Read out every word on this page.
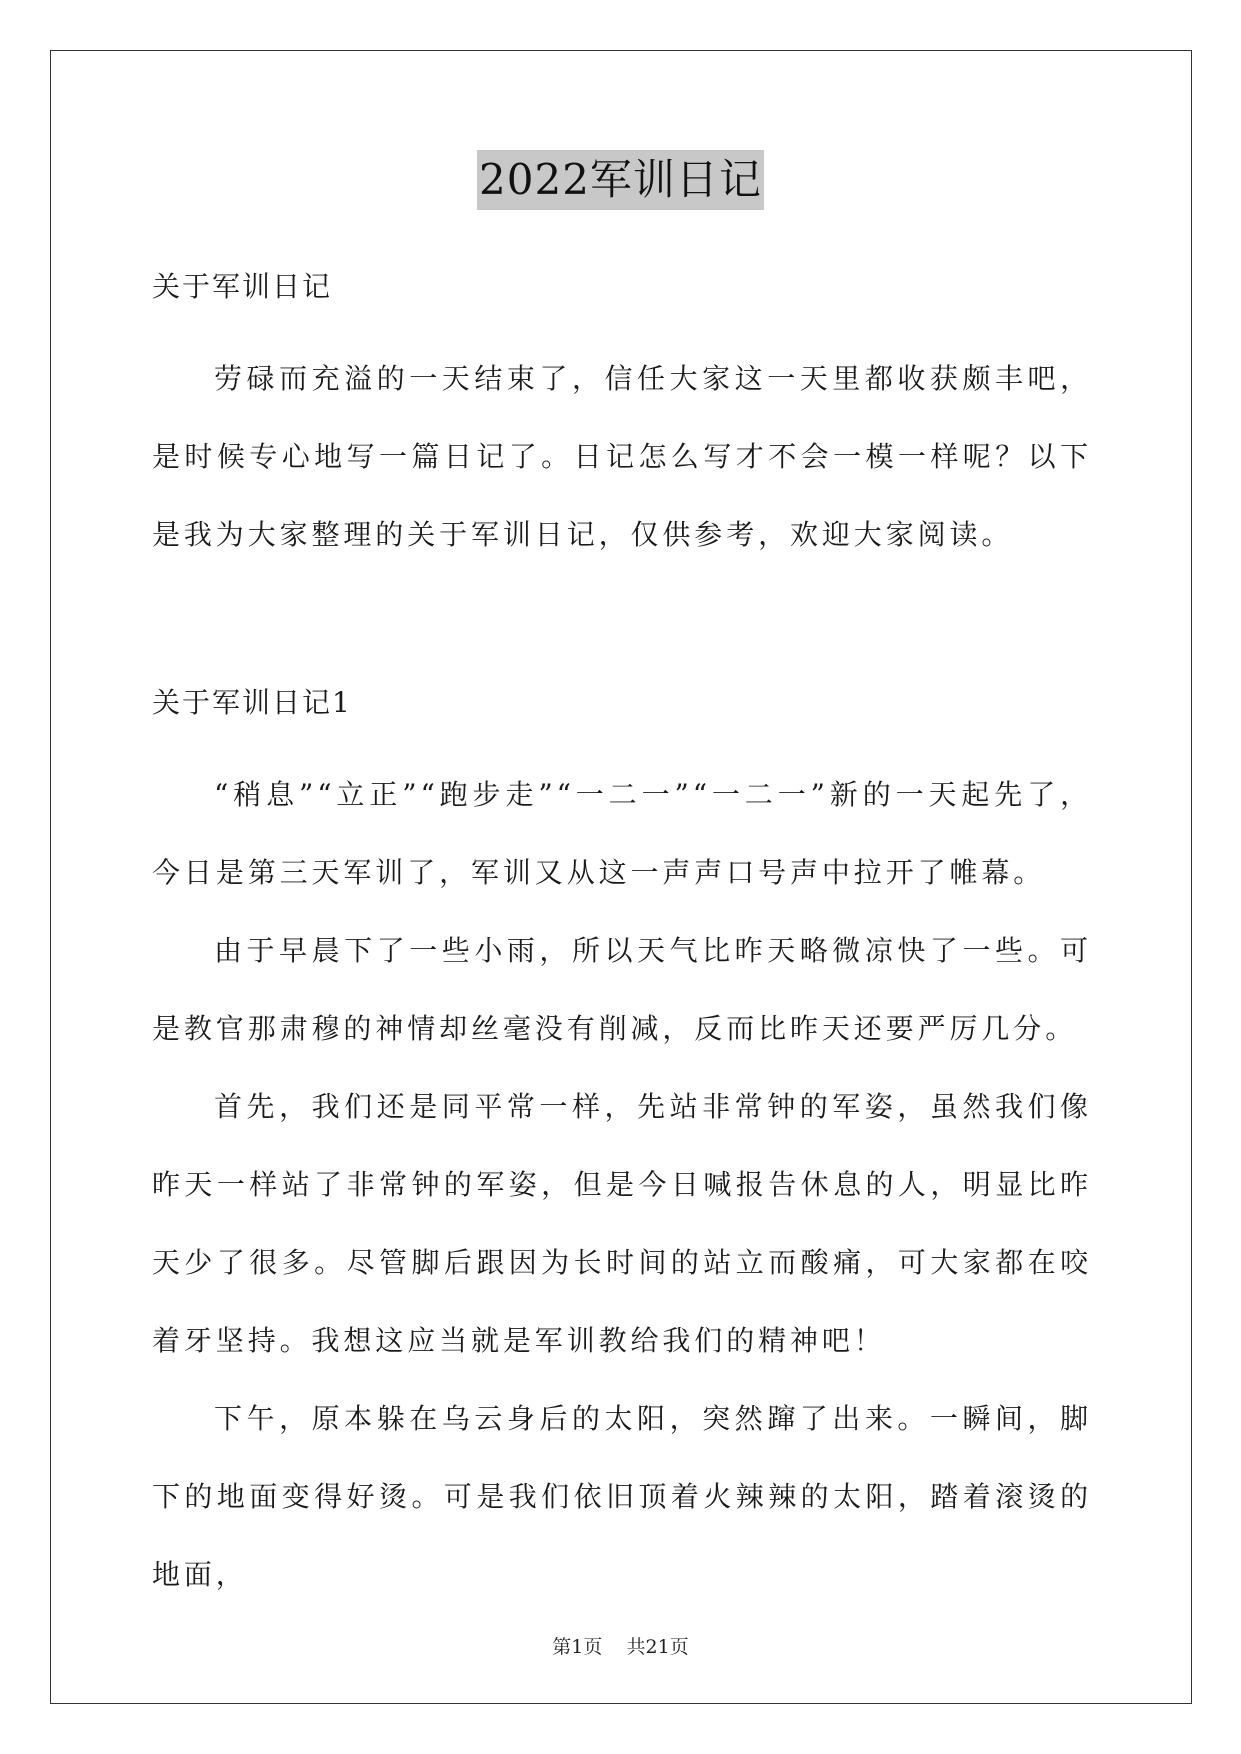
2022军训日记

关于军训日记

劳碌而充溢的一天结束了，信任大家这一天里都收获颇丰吧，是时候专心地写一篇日记了。日记怎么写才不会一模一样呢？以下是我为大家整理的关于军训日记，仅供参考，欢迎大家阅读。

关于军训日记1

“稍息”“立正”“跑步走”“一二一”“一二一”新的一天起先了，今日是第三天军训了，军训又从这一声声口号声中拉开了帷幕。

由于早晨下了一些小雨，所以天气比昨天略微凉快了一些。可是教官那肃穆的神情却丝毫没有削减，反而比昨天还要严厉几分。

首先，我们还是同平常一样，先站非常钟的军姿，虽然我们像昨天一样站了非常钟的军姿，但是今日喊报告休息的人，明显比昨天少了很多。尽管脚后跟因为长时间的站立而酸痛，可大家都在咬着牙坚持。我想这应当就是军训教给我们的精神吧！

下午，原本躲在乌云身后的太阳，突然蹿了出来。一瞬间，脚下的地面变得好烫。可是我们依旧顶着火辣辣的太阳，踏着滚烫的地面，

第1页    共21页
